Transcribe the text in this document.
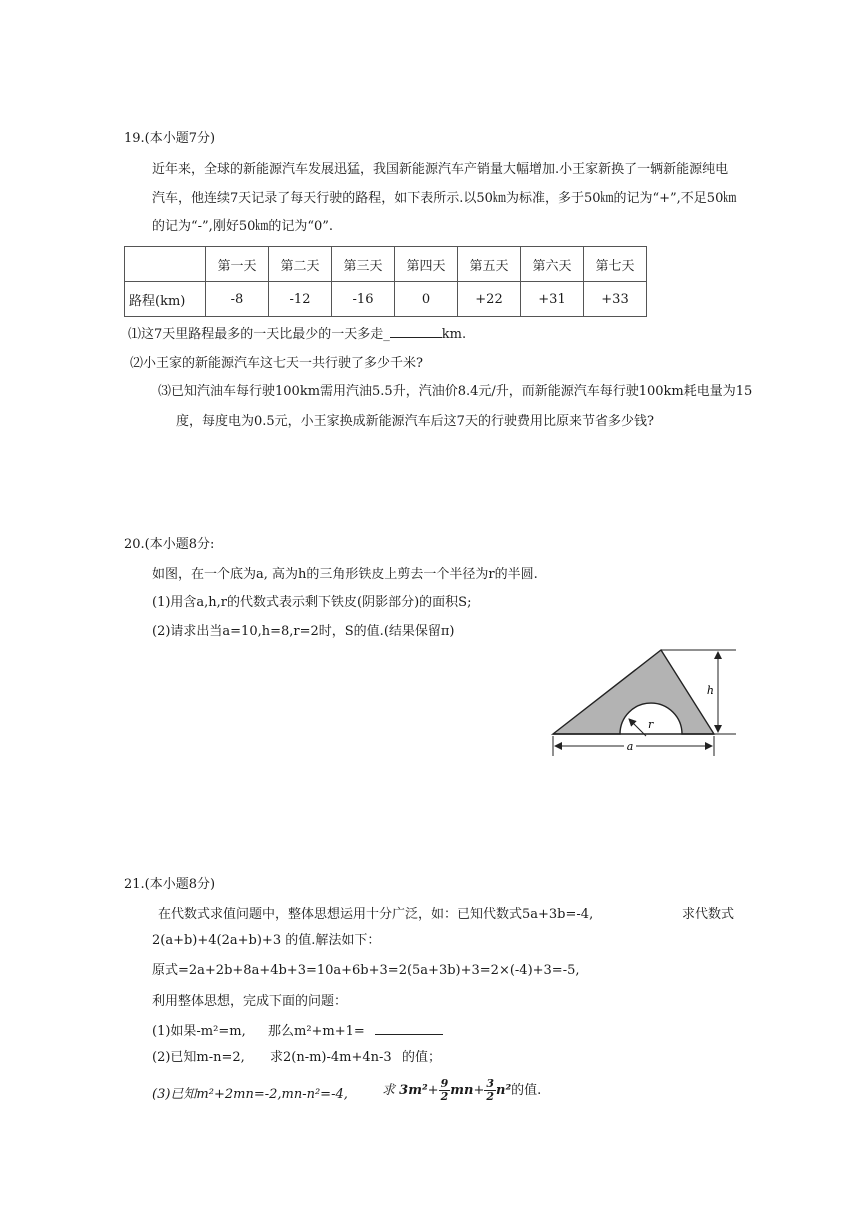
19.(本小题7分)
近年来，全球的新能源汽车发展迅猛，我国新能源汽车产销量大幅增加.小王家新换了一辆新能源纯电
汽车，他连续7天记录了每天行驶的路程，如下表所示.以50㎞为标准，多于50㎞的记为“+”,不足50㎞
的记为“-”,刚好50㎞的记为“0”.
	第一天	第二天	第三天	第四天	第五天	第六天	第七天
路程(km)	-8	-12	-16	0	+22	+31	+33
⑴这7天里路程最多的一天比最少的一天多走_	km.
⑵小王家的新能源汽车这七天一共行驶了多少千米?
⑶已知汽油车每行驶100km需用汽油5.5升，汽油价8.4元/升，而新能源汽车每行驶100km耗电量为15
度，每度电为0.5元，小王家换成新能源汽车后这7天的行驶费用比原来节省多少钱?
20.(本小题8分:
如图，在一个底为a, 高为h的三角形铁皮上剪去一个半径为r的半圆.
(1)用含a,h,r的代数式表示剩下铁皮(阴影部分)的面积S;
(2)请求出当a=10,h=8,r=2时，S的值.(结果保留π)
r
h
a
21.(本小题8分)
在代数式求值问题中，整体思想运用十分广泛，如：已知代数式5a+3b=-4,	求代数式
2(a+b)+4(2a+b)+3 的值.解法如下：
原式=2a+2b+8a+4b+3=10a+6b+3=2(5a+3b)+3=2×(-4)+3=-5,
利用整体思想，完成下面的问题：
(1)如果-m²=m, 那么m²+m+1=
(2)已知m-n=2, 求2(n-m)-4m+4n-3 的值；
(3)已知m²+2mn=-2,mn-n²=-4,	求 $3m^2+ \frac{9}{2} mn+ \frac{3}{2} n^2$的值.
